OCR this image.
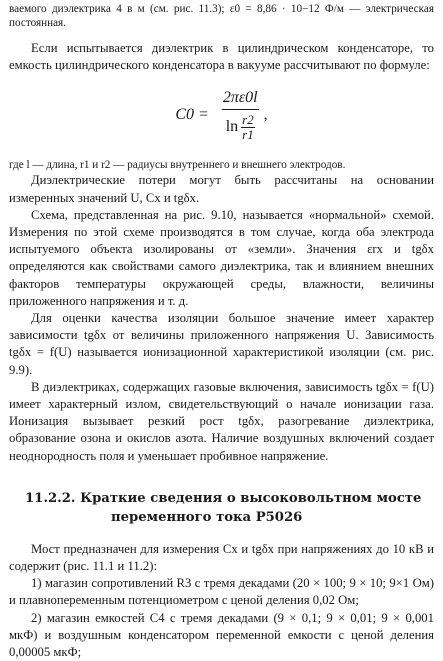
ваемого диэлектрика 4 в м (см. рис. 11.3); ε0 = 8,86 · 10−12 Ф/м — электрическая постоянная.

Если испытывается диэлектрик в цилиндрическом конденсаторе, то емкость цилиндрического конденсатора в вакууме рассчитывают по формуле:

$C0 = \frac{2\pi\varepsilon 0l}{\ln \frac{r2}{r1}}$ ,

где l — длина, r1 и r2 — радиусы внутреннего и внешнего электродов.

Диэлектрические потери могут быть рассчитаны на основании измеренных значений U, Cx и tgδx.

Схема, представленная на рис. 9.10, называется «нормальной» схемой. Измерения по этой схеме производятся в том случае, когда оба электрода испытуемого объекта изолированы от «земли». Значения εrx и tgδx определяются как свойствами самого диэлектрика, так и влиянием внешних факторов температуры окружающей среды, влажности, величины приложенного напряжения и т. д.

Для оценки качества изоляции большое значение имеет характер зависимости tgδx от величины приложенного напряжения U. Зависимость tgδx = f(U) называется ионизационной характеристикой изоляции (см. рис. 9.9).

В диэлектриках, содержащих газовые включения, зависимость tgδx = f(U) имеет характерный излом, свидетельствующий о начале ионизации газа. Ионизация вызывает резкий рост tgδx, разогревание диэлектрика, образование озона и окислов азота. Наличие воздушных включений создает неоднородность поля и уменьшает пробивное напряжение.

11.2.2. Краткие сведения о высоковольтном мосте
переменного тока Р5026

Мост предназначен для измерения Cx и tgδx при напряжениях до 10 кВ и содержит (рис. 11.1 и 11.2):

1) магазин сопротивлений R3 с тремя декадами (20 × 100; 9 × 10; 9×1 Ом) и плавнопеременным потенциометром с ценой деления 0,02 Ом;

2) магазин емкостей С4 с тремя декадами (9 × 0,1; 9 × 0,01; 9 × 0,001 мкФ) и воздушным конденсатором переменной емкости с ценой деления 0,00005 мкФ;
